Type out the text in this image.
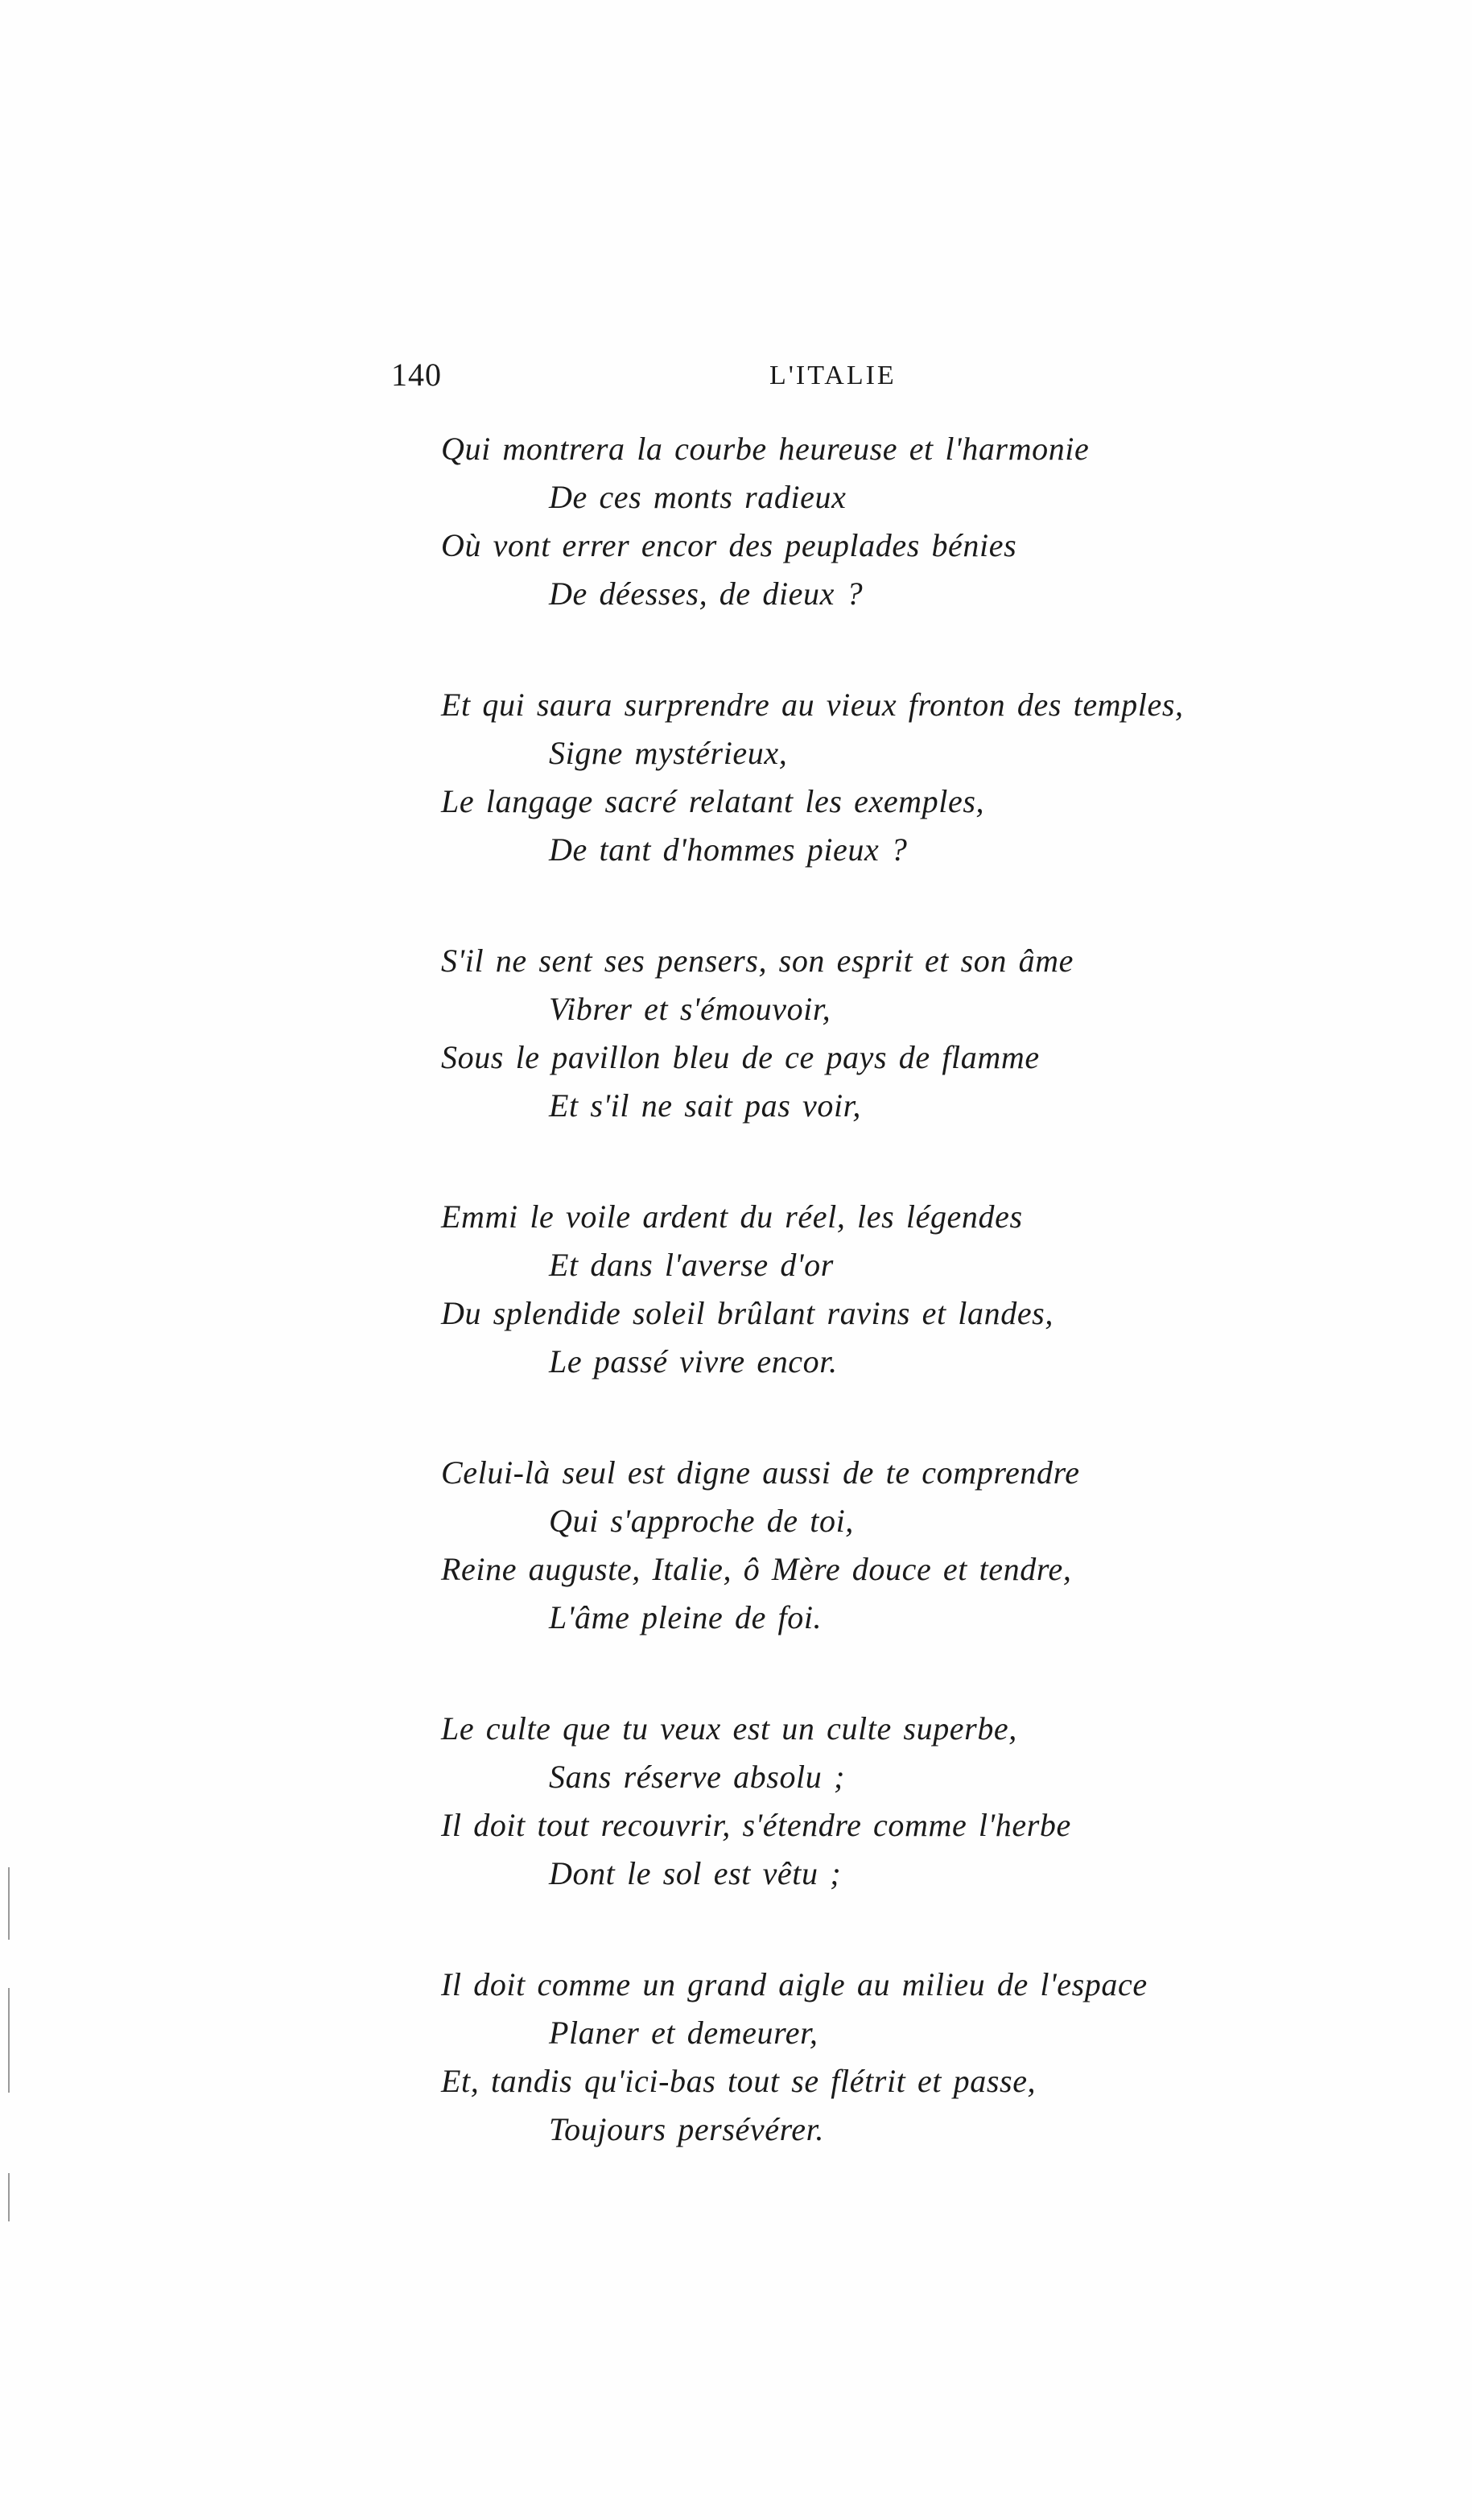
140	L'ITALIE
Qui montrera la courbe heureuse et l'harmonie
De ces monts radieux
Où vont errer encor des peuplades bénies
De déesses, de dieux ?
Et qui saura surprendre au vieux fronton des temples,
Signe mystérieux,
Le langage sacré relatant les exemples,
De tant d'hommes pieux ?
S'il ne sent ses pensers, son esprit et son âme
Vibrer et s'émouvoir,
Sous le pavillon bleu de ce pays de flamme
Et s'il ne sait pas voir,
Emmi le voile ardent du réel, les légendes
Et dans l'averse d'or
Du splendide soleil brûlant ravins et landes,
Le passé vivre encor.
Celui-là seul est digne aussi de te comprendre
Qui s'approche de toi,
Reine auguste, Italie, ô Mère douce et tendre,
L'âme pleine de foi.
Le culte que tu veux est un culte superbe,
Sans réserve absolu ;
Il doit tout recouvrir, s'étendre comme l'herbe
Dont le sol est vêtu ;
Il doit comme un grand aigle au milieu de l'espace
Planer et demeurer,
Et, tandis qu'ici-bas tout se flétrit et passe,
Toujours persévérer.
